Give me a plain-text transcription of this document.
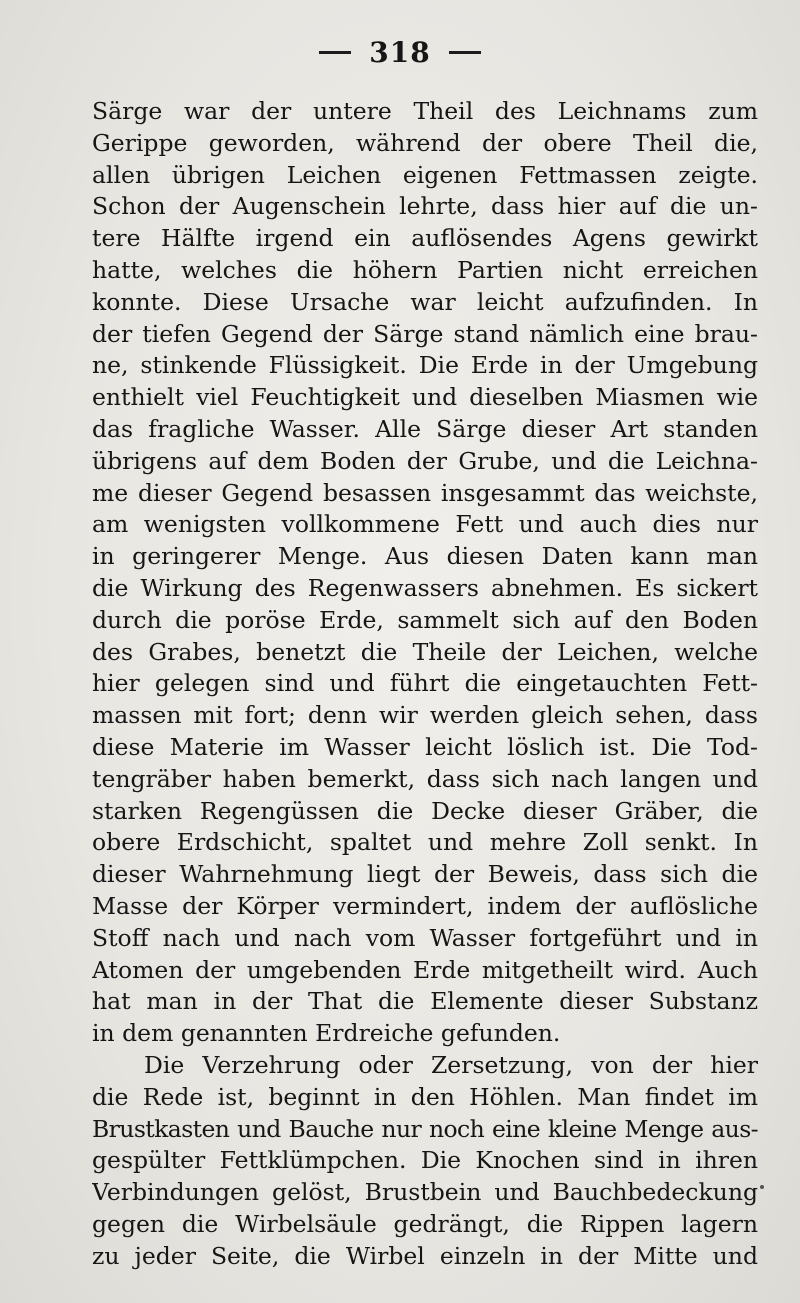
318
Särge war der untere Theil des Leichnams zum
Gerippe geworden, während der obere Theil die,
allen übrigen Leichen eigenen Fettmassen zeigte.
Schon der Augenschein lehrte, dass hier auf die un-
tere Hälfte irgend ein auflösendes Agens gewirkt
hatte, welches die höhern Partien nicht erreichen
konnte. Diese Ursache war leicht aufzufinden. In
der tiefen Gegend der Särge stand nämlich eine brau-
ne, stinkende Flüssigkeit. Die Erde in der Umgebung
enthielt viel Feuchtigkeit und dieselben Miasmen wie
das fragliche Wasser. Alle Särge dieser Art standen
übrigens auf dem Boden der Grube, und die Leichna-
me dieser Gegend besassen insgesammt das weichste,
am wenigsten vollkommene Fett und auch dies nur
in geringerer Menge. Aus diesen Daten kann man
die Wirkung des Regenwassers abnehmen. Es sickert
durch die poröse Erde, sammelt sich auf den Boden
des Grabes, benetzt die Theile der Leichen, welche
hier gelegen sind und führt die eingetauchten Fett-
massen mit fort; denn wir werden gleich sehen, dass
diese Materie im Wasser leicht löslich ist. Die Tod-
tengräber haben bemerkt, dass sich nach langen und
starken Regengüssen die Decke dieser Gräber, die
obere Erdschicht, spaltet und mehre Zoll senkt. In
dieser Wahrnehmung liegt der Beweis, dass sich die
Masse der Körper vermindert, indem der auflösliche
Stoff nach und nach vom Wasser fortgeführt und in
Atomen der umgebenden Erde mitgetheilt wird. Auch
hat man in der That die Elemente dieser Substanz
in dem genannten Erdreiche gefunden.
Die Verzehrung oder Zersetzung, von der hier
die Rede ist, beginnt in den Höhlen. Man findet im
Brustkasten und Bauche nur noch eine kleine Menge aus-
gespülter Fettklümpchen. Die Knochen sind in ihren
Verbindungen gelöst, Brustbein und Bauchbedeckung
gegen die Wirbelsäule gedrängt, die Rippen lagern
zu jeder Seite, die Wirbel einzeln in der Mitte und
